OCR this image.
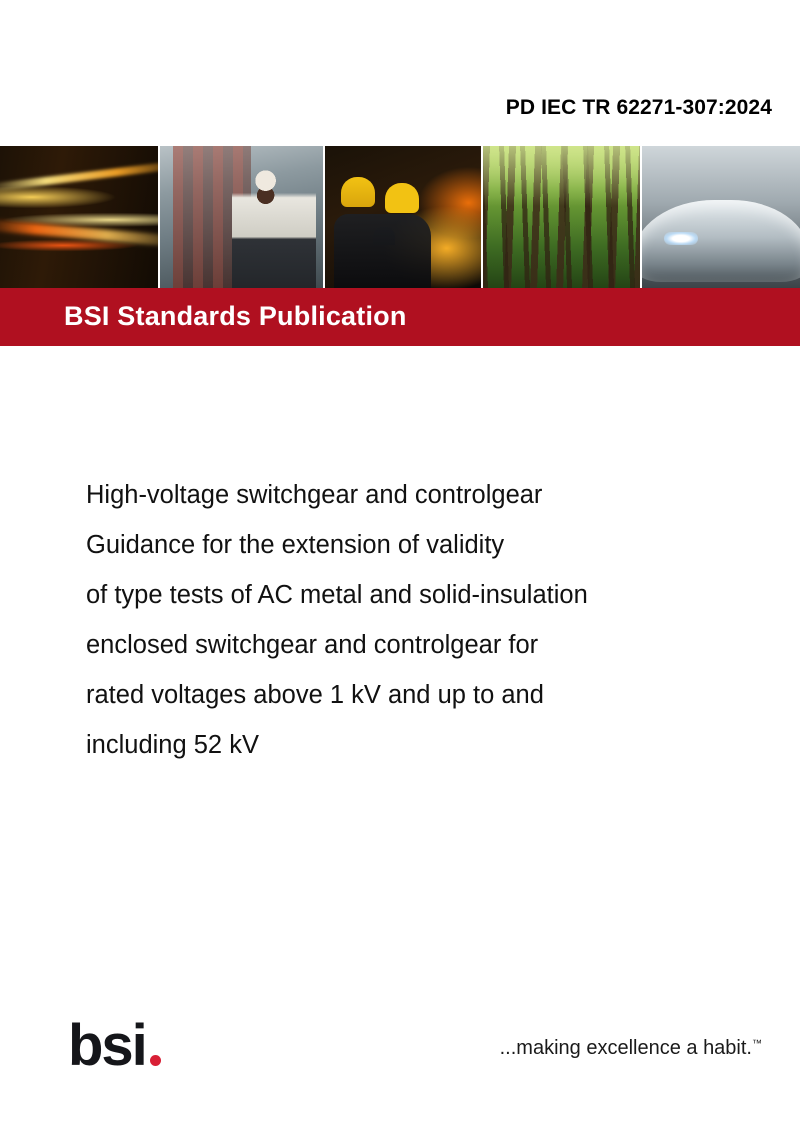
PD IEC TR 62271-307:2024
BSI Standards Publication
High-voltage switchgear and controlgear
Guidance for the extension of validity
of type tests of AC metal and solid-insulation
enclosed switchgear and controlgear for
rated voltages above 1 kV and up to and
including 52 kV
bsi	...making excellence a habit.™
